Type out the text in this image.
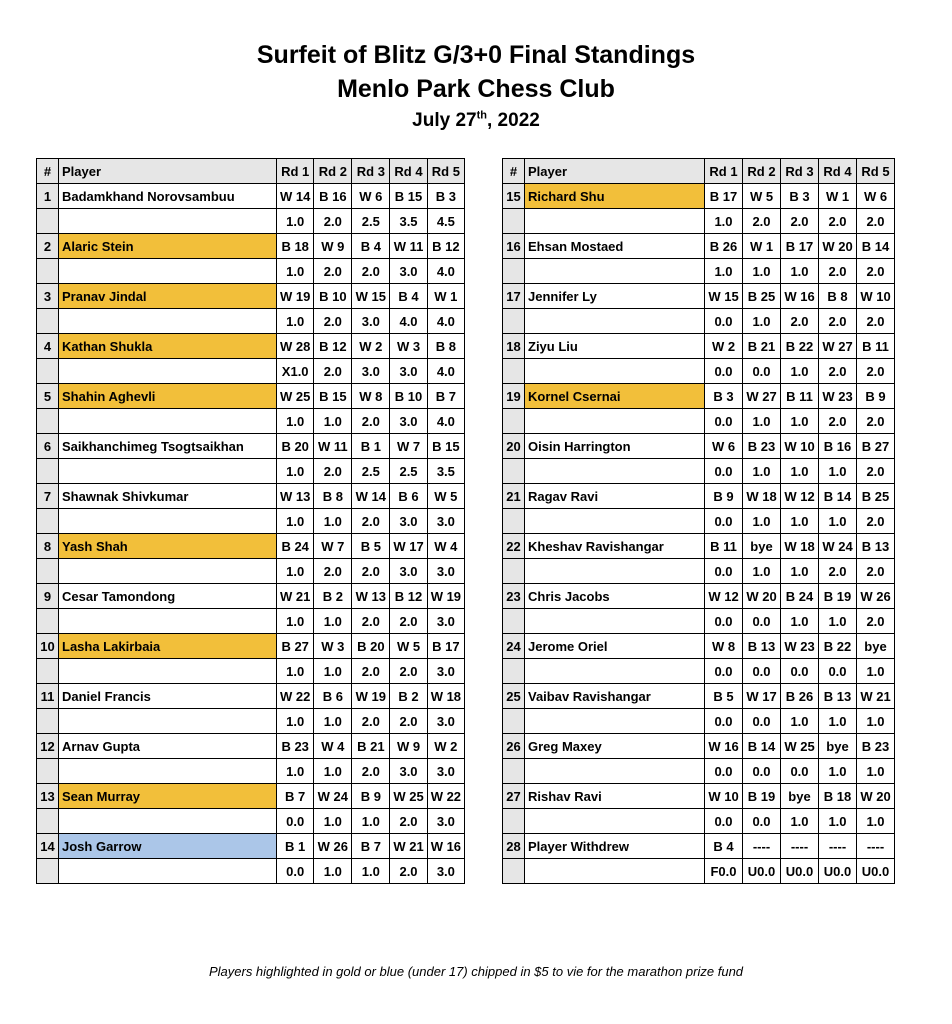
Surfeit of Blitz G/3+0 Final Standings
Menlo Park Chess Club
July 27th, 2022
#	Player	Rd 1	Rd 2	Rd 3	Rd 4	Rd 5
1	Badamkhand Norovsambuu	W 14	B 16	W 6	B 15	B 3
		1.0	2.0	2.5	3.5	4.5
2	Alaric Stein	B 18	W 9	B 4	W 11	B 12
		1.0	2.0	2.0	3.0	4.0
3	Pranav Jindal	W 19	B 10	W 15	B 4	W 1
		1.0	2.0	3.0	4.0	4.0
4	Kathan Shukla	W 28	B 12	W 2	W 3	B 8
		X1.0	2.0	3.0	3.0	4.0
5	Shahin Aghevli	W 25	B 15	W 8	B 10	B 7
		1.0	1.0	2.0	3.0	4.0
6	Saikhanchimeg Tsogtsaikhan	B 20	W 11	B 1	W 7	B 15
		1.0	2.0	2.5	2.5	3.5
7	Shawnak Shivkumar	W 13	B 8	W 14	B 6	W 5
		1.0	1.0	2.0	3.0	3.0
8	Yash Shah	B 24	W 7	B 5	W 17	W 4
		1.0	2.0	2.0	3.0	3.0
9	Cesar Tamondong	W 21	B 2	W 13	B 12	W 19
		1.0	1.0	2.0	2.0	3.0
10	Lasha Lakirbaia	B 27	W 3	B 20	W 5	B 17
		1.0	1.0	2.0	2.0	3.0
11	Daniel Francis	W 22	B 6	W 19	B 2	W 18
		1.0	1.0	2.0	2.0	3.0
12	Arnav Gupta	B 23	W 4	B 21	W 9	W 2
		1.0	1.0	2.0	3.0	3.0
13	Sean Murray	B 7	W 24	B 9	W 25	W 22
		0.0	1.0	1.0	2.0	3.0
14	Josh Garrow	B 1	W 26	B 7	W 21	W 16
		0.0	1.0	1.0	2.0	3.0
#	Player	Rd 1	Rd 2	Rd 3	Rd 4	Rd 5
15	Richard Shu	B 17	W 5	B 3	W 1	W 6
		1.0	2.0	2.0	2.0	2.0
16	Ehsan Mostaed	B 26	W 1	B 17	W 20	B 14
		1.0	1.0	1.0	2.0	2.0
17	Jennifer Ly	W 15	B 25	W 16	B 8	W 10
		0.0	1.0	2.0	2.0	2.0
18	Ziyu Liu	W 2	B 21	B 22	W 27	B 11
		0.0	0.0	1.0	2.0	2.0
19	Kornel Csernai	B 3	W 27	B 11	W 23	B 9
		0.0	1.0	1.0	2.0	2.0
20	Oisin Harrington	W 6	B 23	W 10	B 16	B 27
		0.0	1.0	1.0	1.0	2.0
21	Ragav Ravi	B 9	W 18	W 12	B 14	B 25
		0.0	1.0	1.0	1.0	2.0
22	Kheshav Ravishangar	B 11	bye	W 18	W 24	B 13
		0.0	1.0	1.0	2.0	2.0
23	Chris Jacobs	W 12	W 20	B 24	B 19	W 26
		0.0	0.0	1.0	1.0	2.0
24	Jerome Oriel	W 8	B 13	W 23	B 22	bye
		0.0	0.0	0.0	0.0	1.0
25	Vaibav Ravishangar	B 5	W 17	B 26	B 13	W 21
		0.0	0.0	1.0	1.0	1.0
26	Greg Maxey	W 16	B 14	W 25	bye	B 23
		0.0	0.0	0.0	1.0	1.0
27	Rishav Ravi	W 10	B 19	bye	B 18	W 20
		0.0	0.0	1.0	1.0	1.0
28	Player Withdrew	B 4	----	----	----	----
		F0.0	U0.0	U0.0	U0.0	U0.0
Players highlighted in gold or blue (under 17) chipped in $5 to vie for the marathon prize fund
